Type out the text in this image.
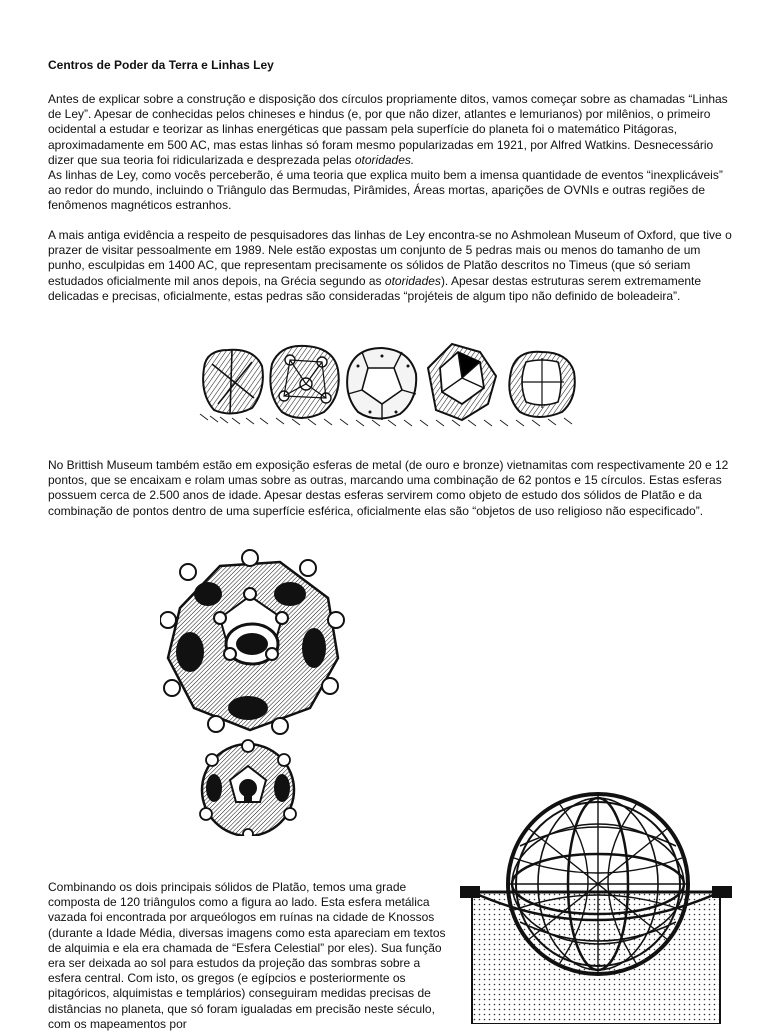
Centros de Poder da Terra e Linhas Ley

Antes de explicar sobre a construção e disposição dos círculos propriamente ditos, vamos começar sobre as chamadas “Linhas de Ley”. Apesar de conhecidas pelos chineses e hindus (e, por que não dizer, atlantes e lemurianos) por milênios, o primeiro ocidental a estudar e teorizar as linhas energéticas que passam pela superfície do planeta foi o matemático Pitágoras, aproximadamente em 500 AC, mas estas linhas só foram mesmo popularizadas em 1921, por Alfred Watkins. Desnecessário dizer que sua teoria foi ridicularizada e desprezada pelas otoridades.
As linhas de Ley, como vocês perceberão, é uma teoria que explica muito bem a imensa quantidade de eventos “inexplicáveis” ao redor do mundo, incluindo o Triângulo das Bermudas, Pirâmides, Áreas mortas, aparições de OVNIs e outras regiões de fenômenos magnéticos estranhos.

A mais antiga evidência a respeito de pesquisadores das linhas de Ley encontra-se no Ashmolean Museum of Oxford, que tive o prazer de visitar pessoalmente em 1989. Nele estão expostas um conjunto de 5 pedras mais ou menos do tamanho de um punho, esculpidas em 1400 AC, que representam precisamente os sólidos de Platão descritos no Timeus (que só seriam estudados oficialmente mil anos depois, na Grécia segundo as otoridades). Apesar destas estruturas serem extremamente delicadas e precisas, oficialmente, estas pedras são consideradas “projéteis de algum tipo não definido de boleadeira”.

No Brittish Museum também estão em exposição esferas de metal (de ouro e bronze) vietnamitas com respectivamente 20 e 12 pontos, que se encaixam e rolam umas sobre as outras, marcando uma combinação de 62 pontos e 15 círculos. Estas esferas possuem cerca de 2.500 anos de idade. Apesar destas esferas servirem como objeto de estudo dos sólidos de Platão e da combinação de pontos dentro de uma superfície esférica, oficialmente elas são “objetos de uso religioso não especificado”.

Combinando os dois principais sólidos de Platão, temos uma grade composta de 120 triângulos como a figura ao lado. Esta esfera metálica vazada foi encontrada por arqueólogos em ruínas na cidade de Knossos (durante a Idade Média, diversas imagens como esta apareciam em textos de alquimia e ela era chamada de “Esfera Celestial” por eles). Sua função era ser deixada ao sol para estudos da projeção das sombras sobre a esfera central. Com isto, os gregos (e egípcios e posteriormente os pitagóricos, alquimistas e templários) conseguiram medidas precisas de distâncias no planeta, que só foram igualadas em precisão neste século, com os mapeamentos por
